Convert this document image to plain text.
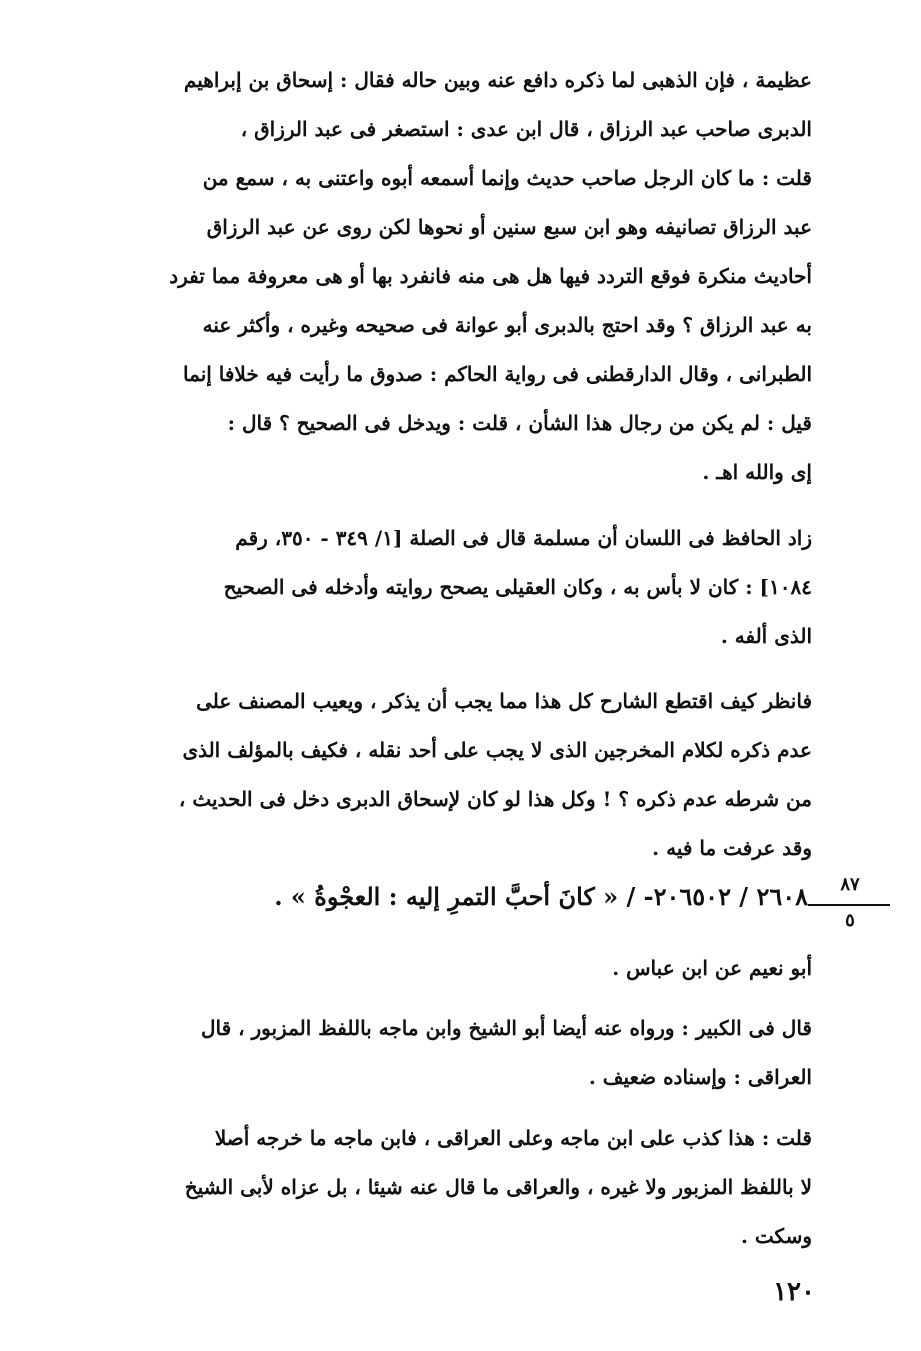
عظيمة ، فإن الذهبى لما ذكره دافع عنه وبين حاله فقال : إسحاق بن إبراهيم
الدبرى صاحب عبد الرزاق ، قال ابن عدى : استصغر فى عبد الرزاق ،
قلت : ما كان الرجل صاحب حديث وإنما أسمعه أبوه واعتنى به ، سمع من
عبد الرزاق تصانيفه وهو ابن سبع سنين أو نحوها لكن روى عن عبد الرزاق
أحاديث منكرة فوقع التردد فيها هل هى منه فانفرد بها أو هى معروفة مما تفرد
به عبد الرزاق ؟ وقد احتج بالدبرى أبو عوانة فى صحيحه وغيره ، وأكثر عنه
الطبرانى ، وقال الدارقطنى فى رواية الحاكم : صدوق ما رأيت فيه خلافا إنما
قيل : لم يكن من رجال هذا الشأن ، قلت : ويدخل فى الصحيح ؟ قال :
إى والله اهـ .
زاد الحافظ فى اللسان أن مسلمة قال فى الصلة [١/ ٣٤٩ - ٣٥٠، رقم
١٠٨٤] : كان لا بأس به ، وكان العقيلى يصحح روايته وأدخله فى الصحيح
الذى ألفه .
فانظر كيف اقتطع الشارح كل هذا مما يجب أن يذكر ، ويعيب المصنف على
عدم ذكره لكلام المخرجين الذى لا يجب على أحد نقله ، فكيف بالمؤلف الذى
من شرطه عدم ذكره ؟ ! وكل هذا لو كان لإسحاق الدبرى دخل فى الحديث ،
وقد عرفت ما فيه .
٢٦٠٨ / ٢٠٦٥٠٢- / « كانَ أحبَّ التمرِ إليه : العجْوةُ » .	٨٧
٥
أبو نعيم عن ابن عباس .
قال فى الكبير : ورواه عنه أيضا أبو الشيخ وابن ماجه باللفظ المزبور ، قال
العراقى : وإسناده ضعيف .
قلت : هذا كذب على ابن ماجه وعلى العراقى ، فابن ماجه ما خرجه أصلا
لا باللفظ المزبور ولا غيره ، والعراقى ما قال عنه شيئا ، بل عزاه لأبى الشيخ
وسكت .
١٢٠
